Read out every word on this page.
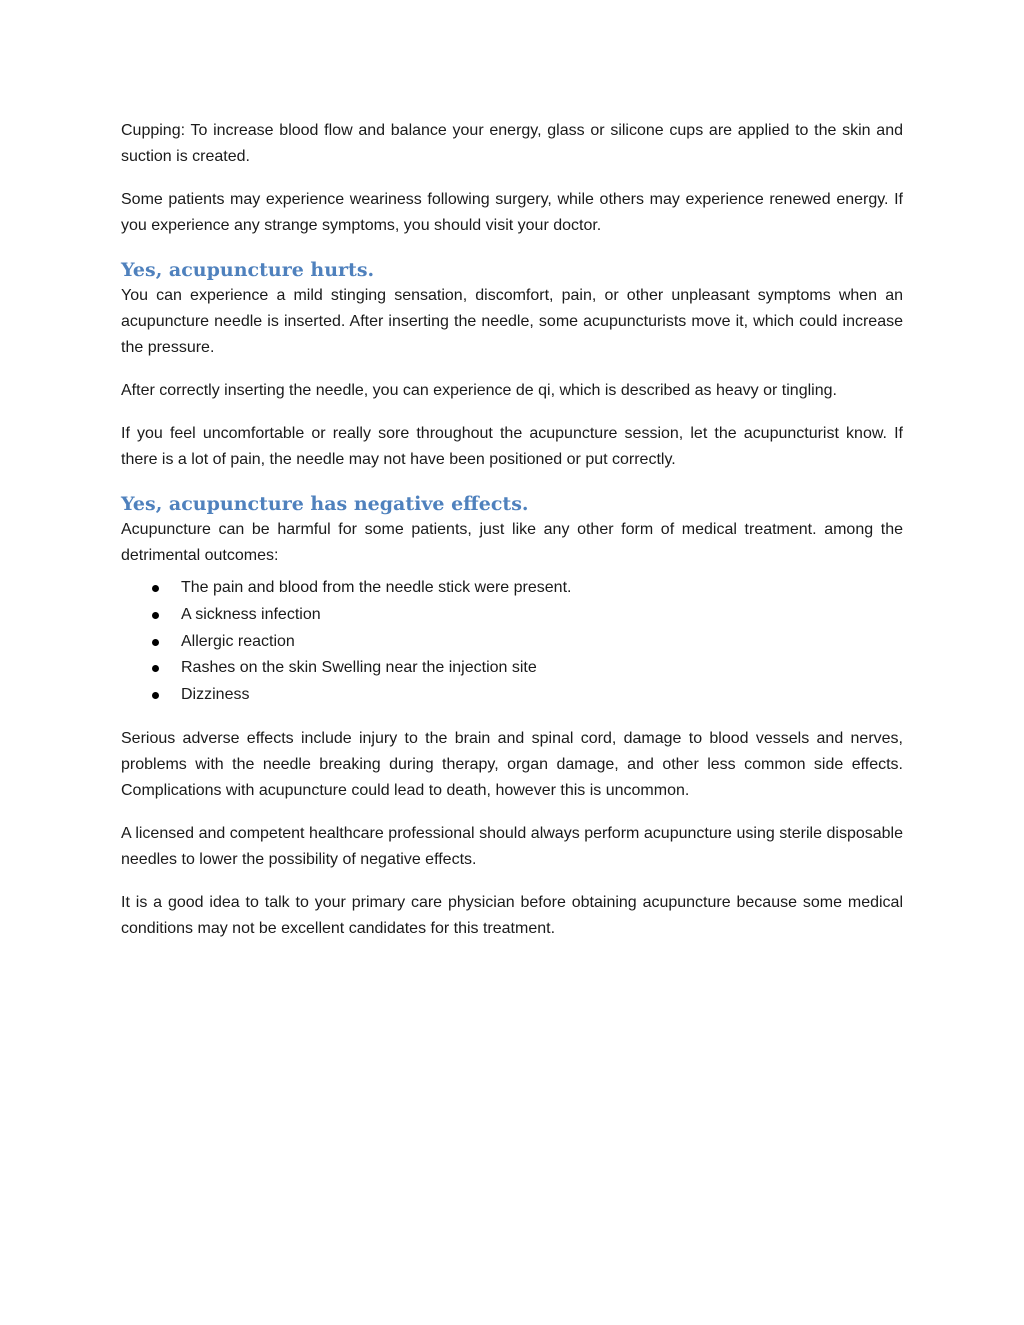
Cupping: To increase blood flow and balance your energy, glass or silicone cups are applied to the skin and suction is created.

Some patients may experience weariness following surgery, while others may experience renewed energy. If you experience any strange symptoms, you should visit your doctor.

Yes, acupuncture hurts.

You can experience a mild stinging sensation, discomfort, pain, or other unpleasant symptoms when an acupuncture needle is inserted. After inserting the needle, some acupuncturists move it, which could increase the pressure.

After correctly inserting the needle, you can experience de qi, which is described as heavy or tingling.

If you feel uncomfortable or really sore throughout the acupuncture session, let the acupuncturist know. If there is a lot of pain, the needle may not have been positioned or put correctly.

Yes, acupuncture has negative effects.

Acupuncture can be harmful for some patients, just like any other form of medical treatment. among the detrimental outcomes:

The pain and blood from the needle stick were present.
A sickness infection
Allergic reaction
Rashes on the skin Swelling near the injection site
Dizziness

Serious adverse effects include injury to the brain and spinal cord, damage to blood vessels and nerves, problems with the needle breaking during therapy, organ damage, and other less common side effects. Complications with acupuncture could lead to death, however this is uncommon.

A licensed and competent healthcare professional should always perform acupuncture using sterile disposable needles to lower the possibility of negative effects.

It is a good idea to talk to your primary care physician before obtaining acupuncture because some medical conditions may not be excellent candidates for this treatment.
